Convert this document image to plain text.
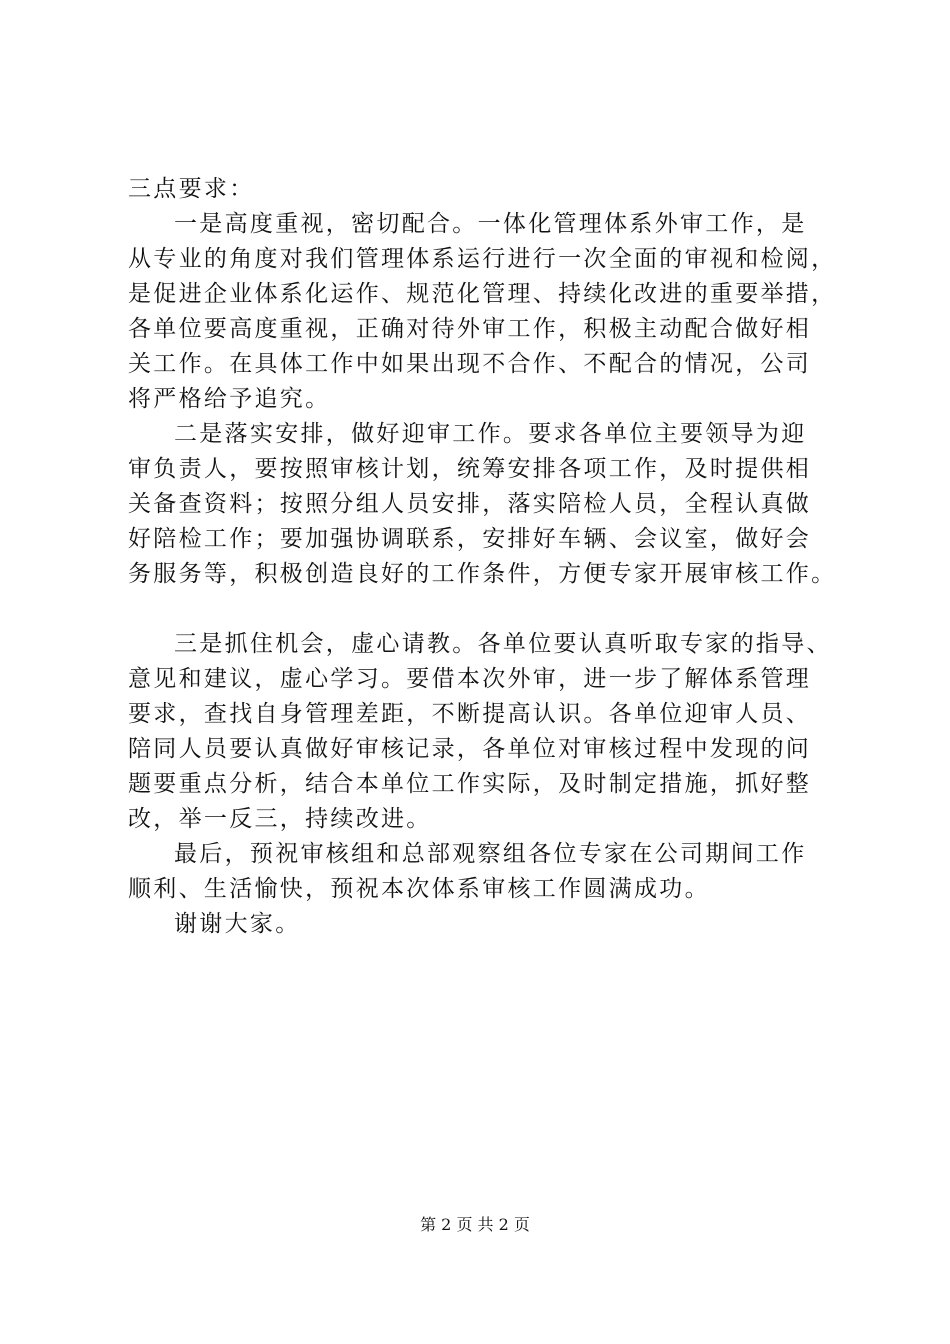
三点要求：
一是高度重视，密切配合。一体化管理体系外审工作，是
从专业的角度对我们管理体系运行进行一次全面的审视和检阅，
是促进企业体系化运作、规范化管理、持续化改进的重要举措，
各单位要高度重视，正确对待外审工作，积极主动配合做好相
关工作。在具体工作中如果出现不合作、不配合的情况，公司
将严格给予追究。
二是落实安排，做好迎审工作。要求各单位主要领导为迎
审负责人，要按照审核计划，统筹安排各项工作，及时提供相
关备查资料；按照分组人员安排，落实陪检人员，全程认真做
好陪检工作；要加强协调联系，安排好车辆、会议室，做好会
务服务等，积极创造良好的工作条件，方便专家开展审核工作。
三是抓住机会，虚心请教。各单位要认真听取专家的指导、
意见和建议，虚心学习。要借本次外审，进一步了解体系管理
要求，查找自身管理差距，不断提高认识。各单位迎审人员、
陪同人员要认真做好审核记录，各单位对审核过程中发现的问
题要重点分析，结合本单位工作实际，及时制定措施，抓好整
改，举一反三，持续改进。
最后，预祝审核组和总部观察组各位专家在公司期间工作
顺利、生活愉快，预祝本次体系审核工作圆满成功。
谢谢大家。
第 2 页 共 2 页
